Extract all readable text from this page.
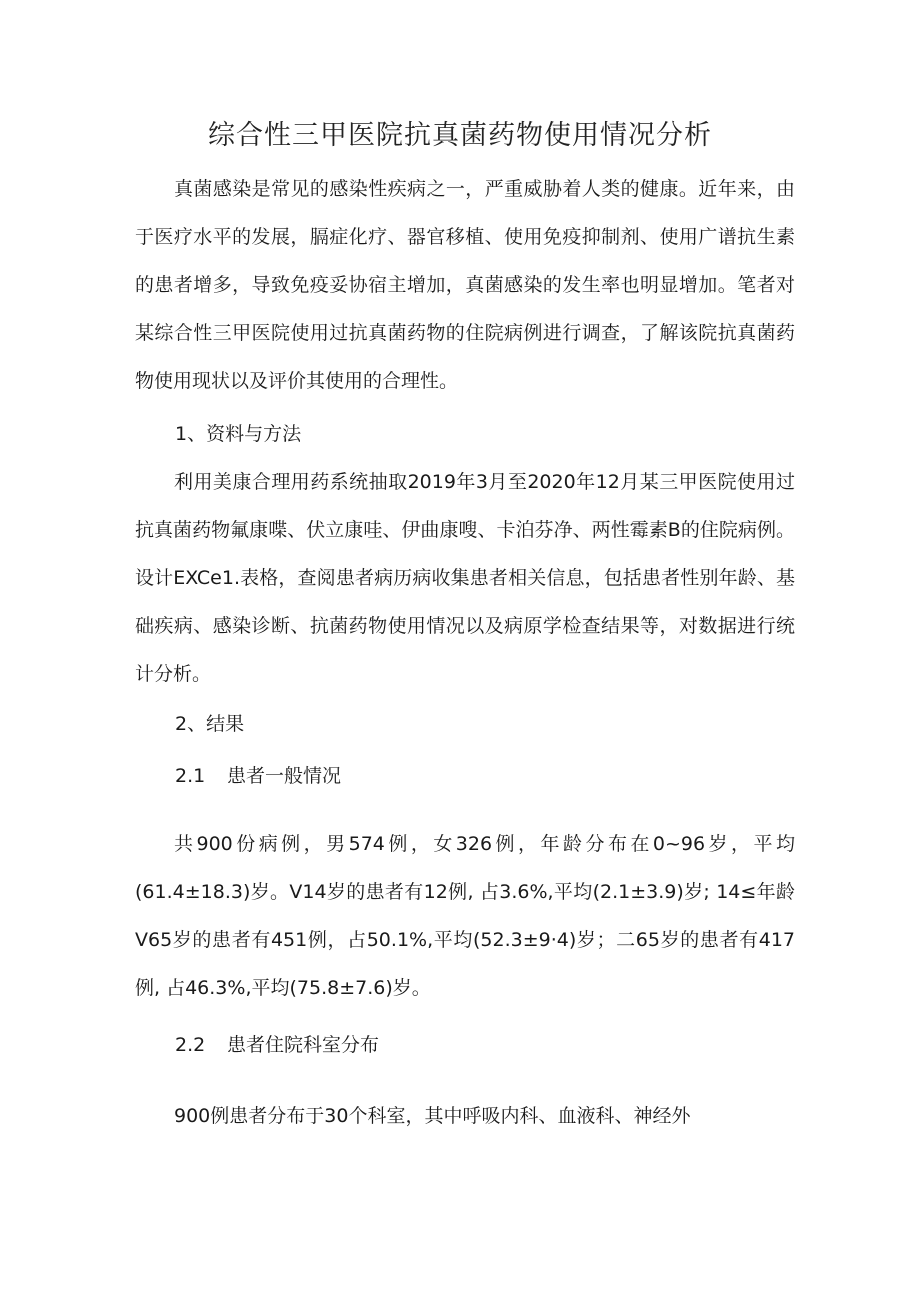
综合性三甲医院抗真菌药物使用情况分析

真菌感染是常见的感染性疾病之一，严重威胁着人类的健康。近年来，由于医疗水平的发展，膈症化疗、器官移植、使用免疫抑制剂、使用广谱抗生素的患者增多，导致免疫妥协宿主增加，真菌感染的发生率也明显增加。笔者对某综合性三甲医院使用过抗真菌药物的住院病例进行调查，了解该院抗真菌药物使用现状以及评价其使用的合理性。

1、资料与方法

利用美康合理用药系统抽取2019年3月至2020年12月某三甲医院使用过抗真菌药物氟康喋、伏立康哇、伊曲康嗖、卡泊芬净、两性霉素B的住院病例。设计EXCe1.表格，查阅患者病历病收集患者相关信息，包括患者性别年龄、基础疾病、感染诊断、抗菌药物使用情况以及病原学检查结果等，对数据进行统计分析。

2、结果
2.1 患者一般情况

共900份病例，男574例，女326例，年龄分布在0~96岁，平均(61.4±18.3)岁。V14岁的患者有12例, 占3.6%,平均(2.1±3.9)岁; 14≤年龄V65岁的患者有451例，占50.1%,平均(52.3±9·4)岁；二65岁的患者有417例, 占46.3%,平均(75.8±7.6)岁。

2.2 患者住院科室分布

900例患者分布于30个科室，其中呼吸内科、血液科、神经外
